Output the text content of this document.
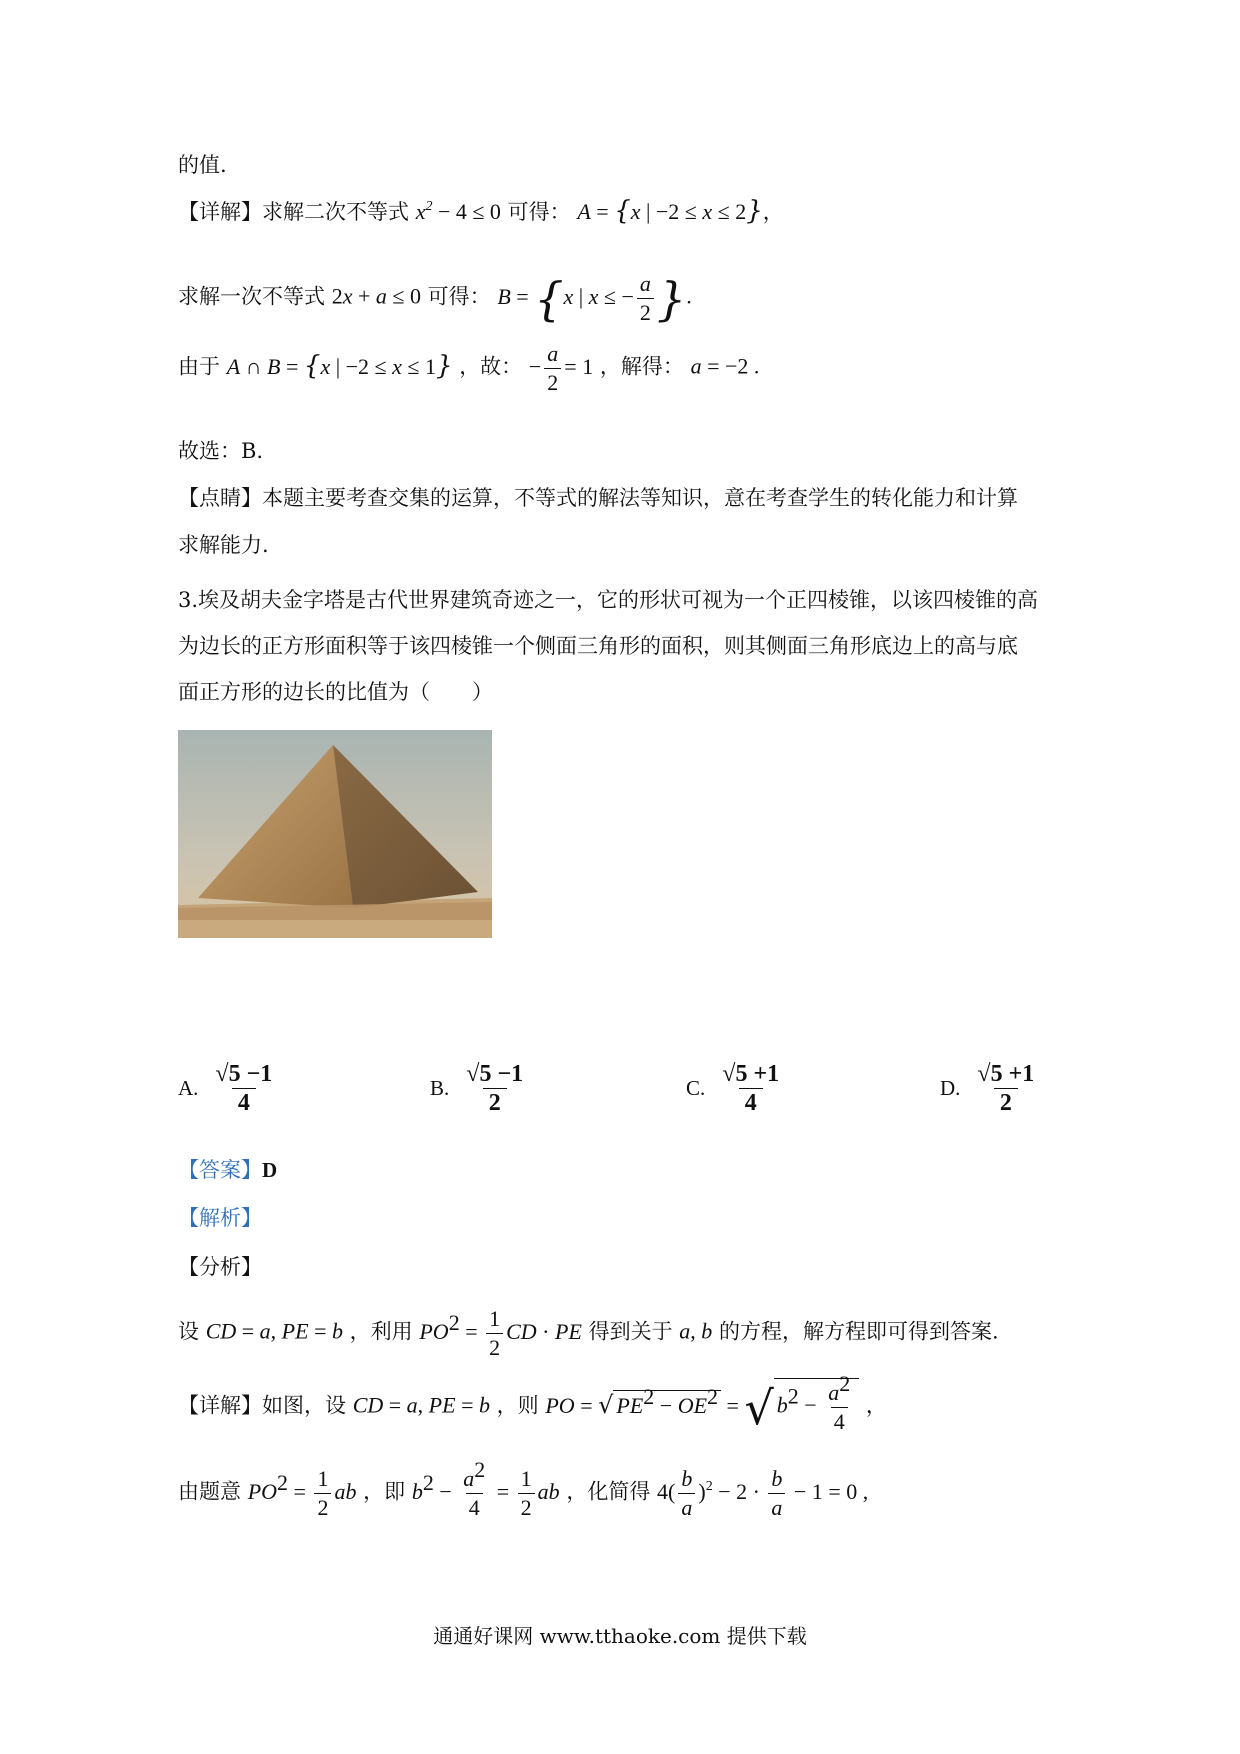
的值.
【详解】求解二次不等式 $x^2 - 4 \le 0$ 可得： A = {x | −2 ≤ x ≤ 2}，
求解一次不等式 2x + a ≤ 0 可得： B = {x | x ≤ − $\frac{a}{2}$ }.
由于 A ∩ B = {x | −2 ≤ x ≤ 1} ，故： − $\frac{a}{2} = 1$ ，解得： a = −2 .
故选：B.
【点睛】本题主要考查交集的运算，不等式的解法等知识，意在考查学生的转化能力和计算
求解能力.
3.埃及胡夫金字塔是古代世界建筑奇迹之一，它的形状可视为一个正四棱锥，以该四棱锥的高
为边长的正方形面积等于该四棱锥一个侧面三角形的面积，则其侧面三角形底边上的高与底
面正方形的边长的比值为（　　）
A. $\frac{√5 -1}{4}$	B. $\frac{√5 -1}{2}$	C. $\frac{√5 +1}{4}$	D. $\frac{√5 +1}{2}$
【答案】D
【解析】
【分析】
设 CD = a, PE = b ，利用 $PO^2 = \frac{1}{2}$ CD · PE 得到关于 a, b 的方程，解方程即可得到答案.
【详解】如图，设 CD = a, PE = b ，则 PO = √ $PE^2 - OE^2$ = √ $b^2 - \frac{a^2}{4}$ ，
由题意 $PO^2 = \frac{1}{2}$ ab ，即 $b^2 - \frac{a^2}{4} = \frac{1}{2}$ ab ，化简得 $4( \frac{b}{a} )^2 - 2 \cdot \frac{b}{a} - 1 = 0$ ,
通通好课网 www.tthaoke.com 提供下载
